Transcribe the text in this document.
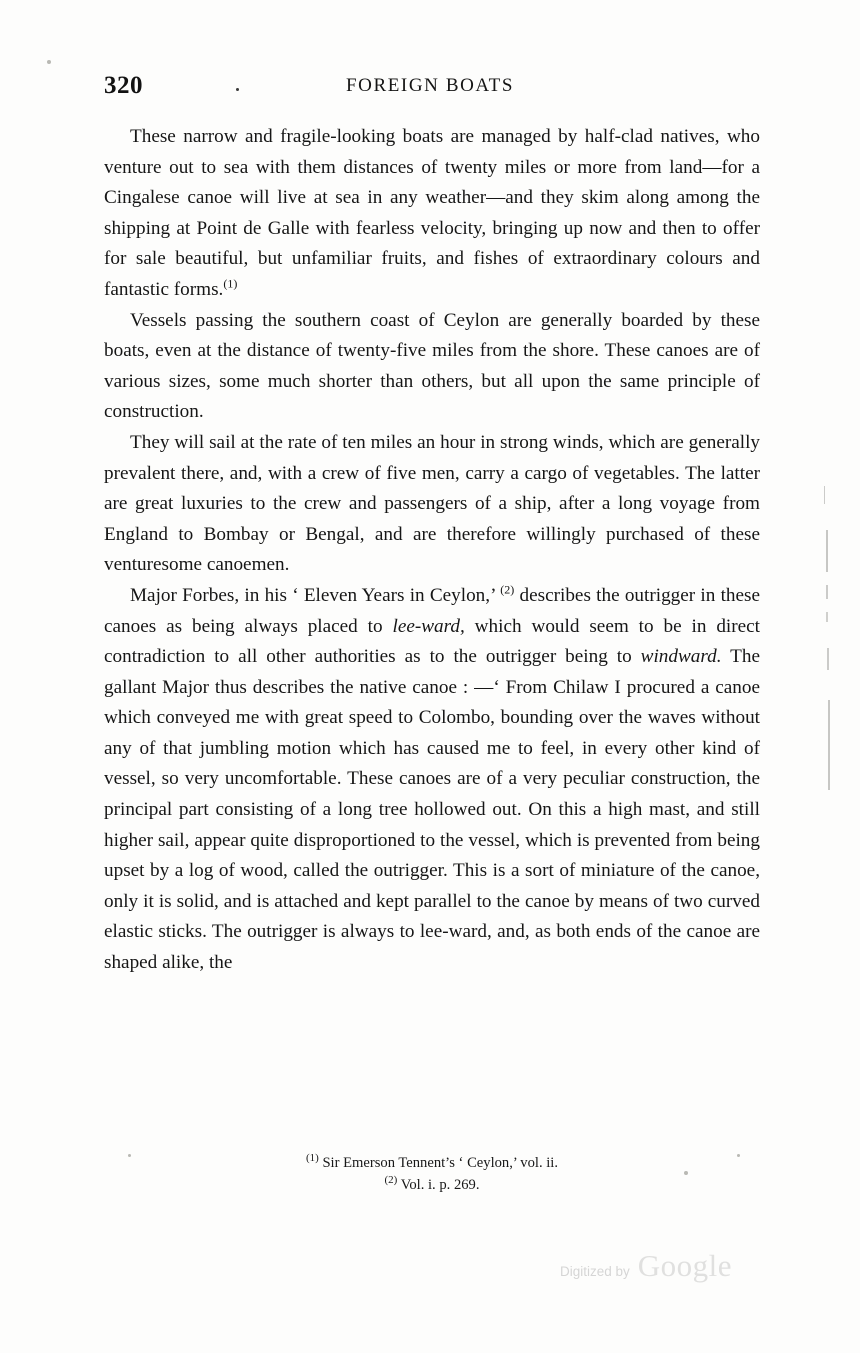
320	FOREIGN BOATS

These narrow and fragile-looking boats are managed by half-clad natives, who venture out to sea with them distances of twenty miles or more from land—for a Cingalese canoe will live at sea in any weather—and they skim along among the shipping at Point de Galle with fearless velocity, bringing up now and then to offer for sale beautiful, but unfamiliar fruits, and fishes of extraordinary colours and fantastic forms.$^{(1)}$

Vessels passing the southern coast of Ceylon are generally boarded by these boats, even at the distance of twenty-five miles from the shore. These canoes are of various sizes, some much shorter than others, but all upon the same principle of construction.

They will sail at the rate of ten miles an hour in strong winds, which are generally prevalent there, and, with a crew of five men, carry a cargo of vegetables. The latter are great luxuries to the crew and passengers of a ship, after a long voyage from England to Bombay or Bengal, and are therefore willingly purchased of these venturesome canoemen.

Major Forbes, in his ‘ Eleven Years in Ceylon,’ $^{(2)}$ describes the outrigger in these canoes as being always placed to lee-ward, which would seem to be in direct contradiction to all other authorities as to the outrigger being to windward. The gallant Major thus describes the native canoe : —‘ From Chilaw I procured a canoe which conveyed me with great speed to Colombo, bounding over the waves without any of that jumbling motion which has caused me to feel, in every other kind of vessel, so very uncomfortable. These canoes are of a very peculiar construction, the principal part consisting of a long tree hollowed out. On this a high mast, and still higher sail, appear quite disproportioned to the vessel, which is prevented from being upset by a log of wood, called the outrigger. This is a sort of miniature of the canoe, only it is solid, and is attached and kept parallel to the canoe by means of two curved elastic sticks. The outrigger is always to lee-ward, and, as both ends of the canoe are shaped alike, the

$^{(1)}$ Sir Emerson Tennent’s ‘ Ceylon,’ vol. ii.
$^{(2)}$ Vol. i. p. 269.
Digitized by Google
